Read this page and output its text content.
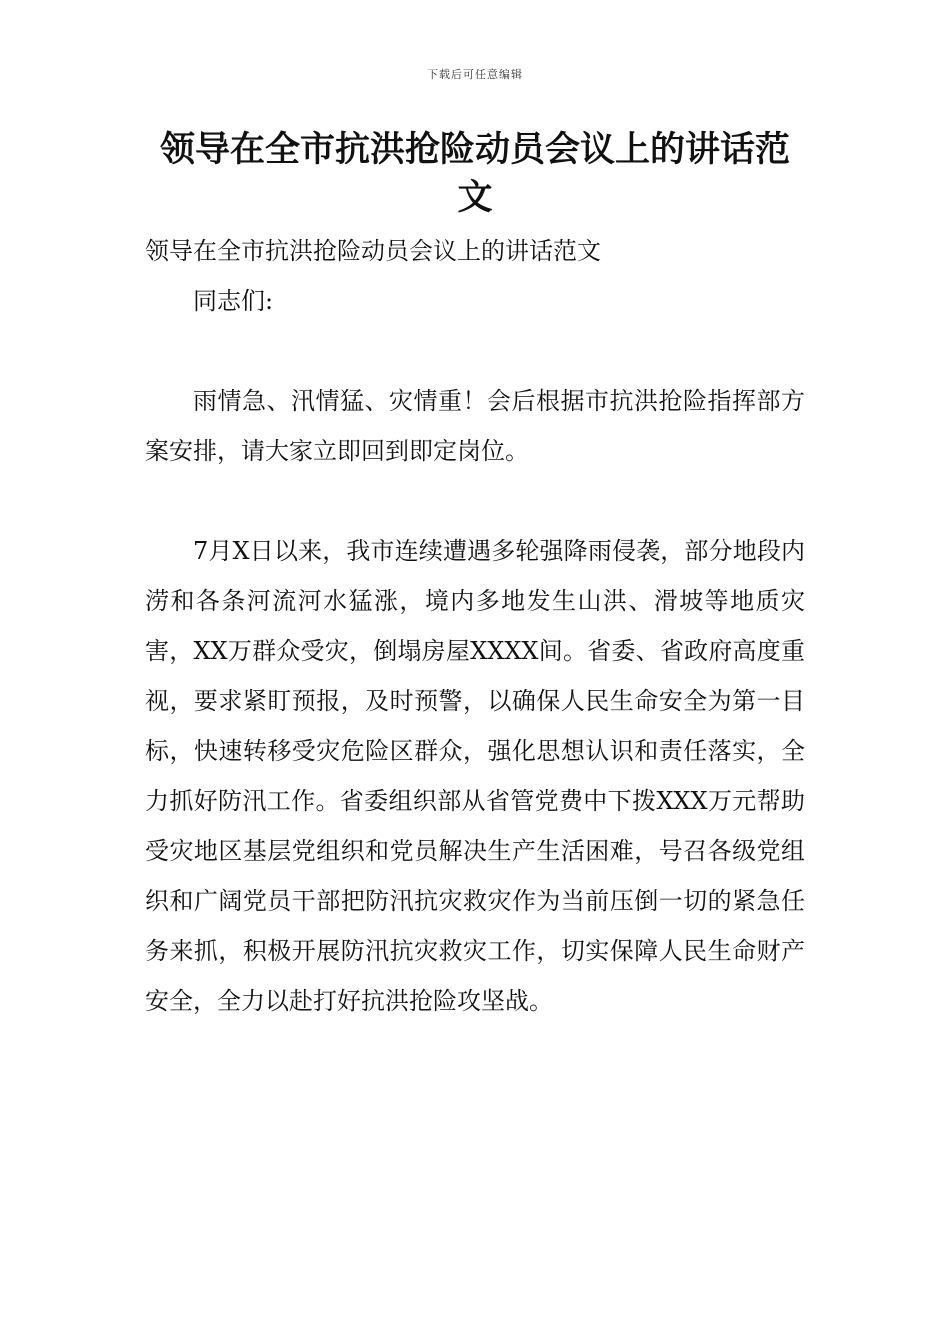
下载后可任意编辑
领导在全市抗洪抢险动员会议上的讲话范文

领导在全市抗洪抢险动员会议上的讲话范文

同志们:

雨情急、汛情猛、灾情重！会后根据市抗洪抢险指挥部方案安排，请大家立即回到即定岗位。

7月X日以来，我市连续遭遇多轮强降雨侵袭，部分地段内涝和各条河流河水猛涨，境内多地发生山洪、滑坡等地质灾害，XX万群众受灾，倒塌房屋XXXX间。省委、省政府高度重视，要求紧盯预报，及时预警，以确保人民生命安全为第一目标，快速转移受灾危险区群众，强化思想认识和责任落实，全力抓好防汛工作。省委组织部从省管党费中下拨XXX万元帮助受灾地区基层党组织和党员解决生产生活困难，号召各级党组织和广阔党员干部把防汛抗灾救灾作为当前压倒一切的紧急任务来抓，积极开展防汛抗灾救灾工作，切实保障人民生命财产安全，全力以赴打好抗洪抢险攻坚战。
